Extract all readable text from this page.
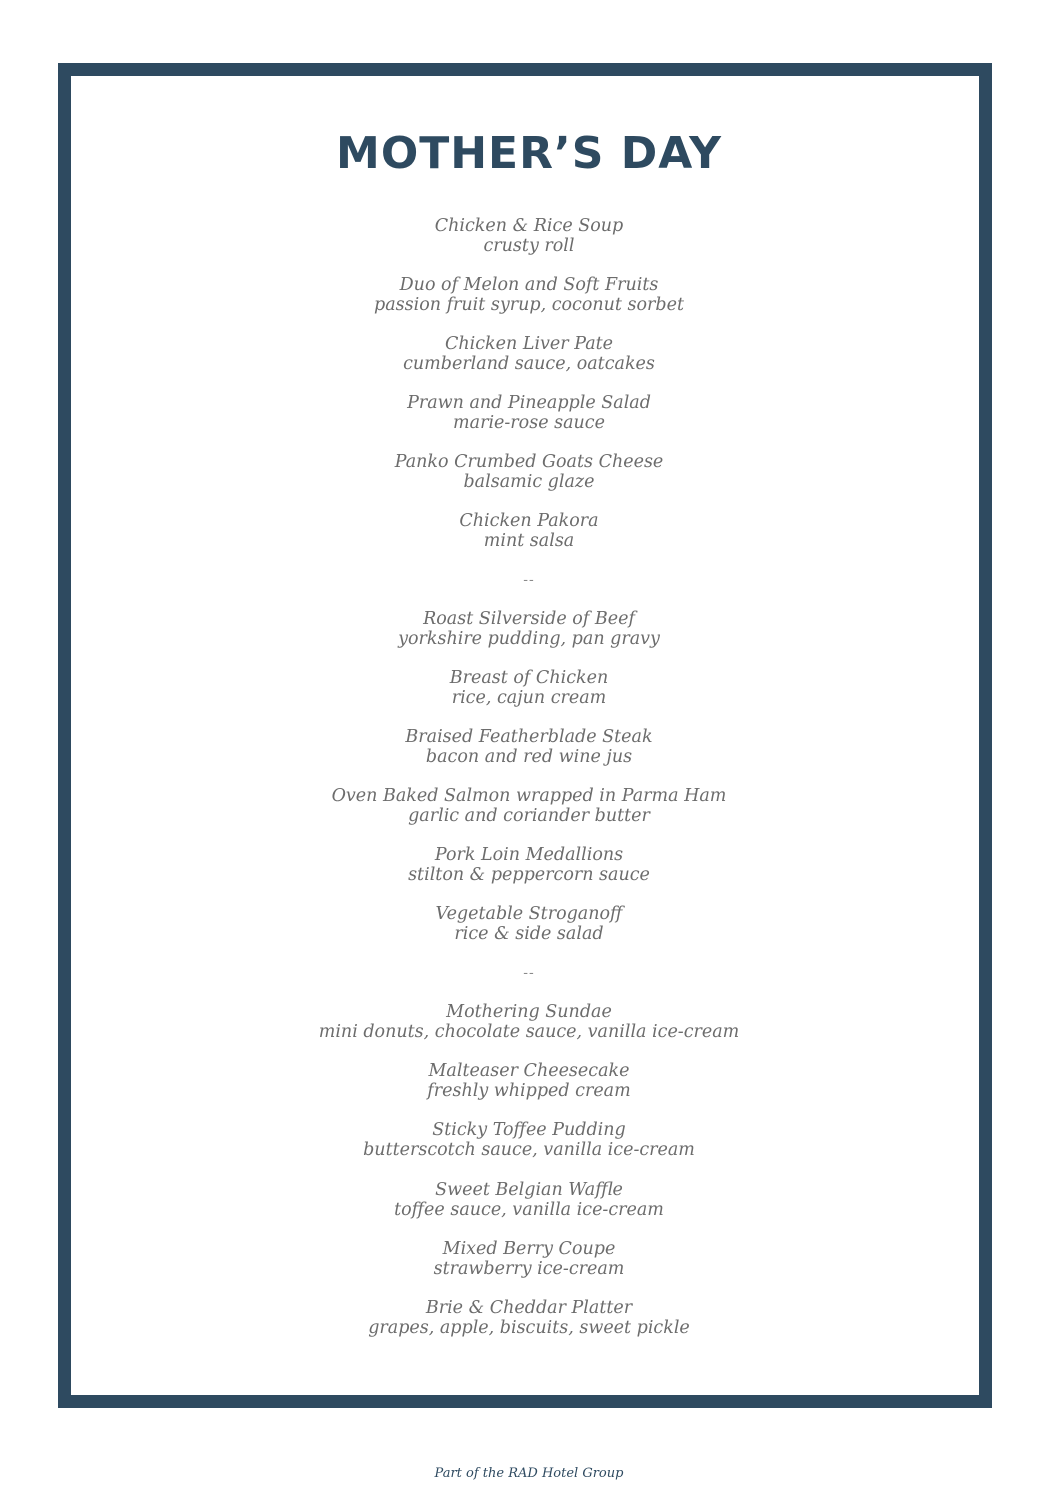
MOTHER’S DAY
Chicken & Rice Soup
crusty roll
Duo of Melon and Soft Fruits
passion fruit syrup, coconut sorbet
Chicken Liver Pate
cumberland sauce, oatcakes
Prawn and Pineapple Salad
marie-rose sauce
Panko Crumbed Goats Cheese
balsamic glaze
Chicken Pakora
mint salsa
--
Roast Silverside of Beef
yorkshire pudding, pan gravy
Breast of Chicken
rice, cajun cream
Braised Featherblade Steak
bacon and red wine jus
Oven Baked Salmon wrapped in Parma Ham
garlic and coriander butter
Pork Loin Medallions
stilton & peppercorn sauce
Vegetable Stroganoff
rice & side salad
--
Mothering Sundae
mini donuts, chocolate sauce, vanilla ice-cream
Malteaser Cheesecake
freshly whipped cream
Sticky Toffee Pudding
butterscotch sauce, vanilla ice-cream
Sweet Belgian Waffle
toffee sauce, vanilla ice-cream
Mixed Berry Coupe
strawberry ice-cream
Brie & Cheddar Platter
grapes, apple, biscuits, sweet pickle
Part of the RAD Hotel Group
